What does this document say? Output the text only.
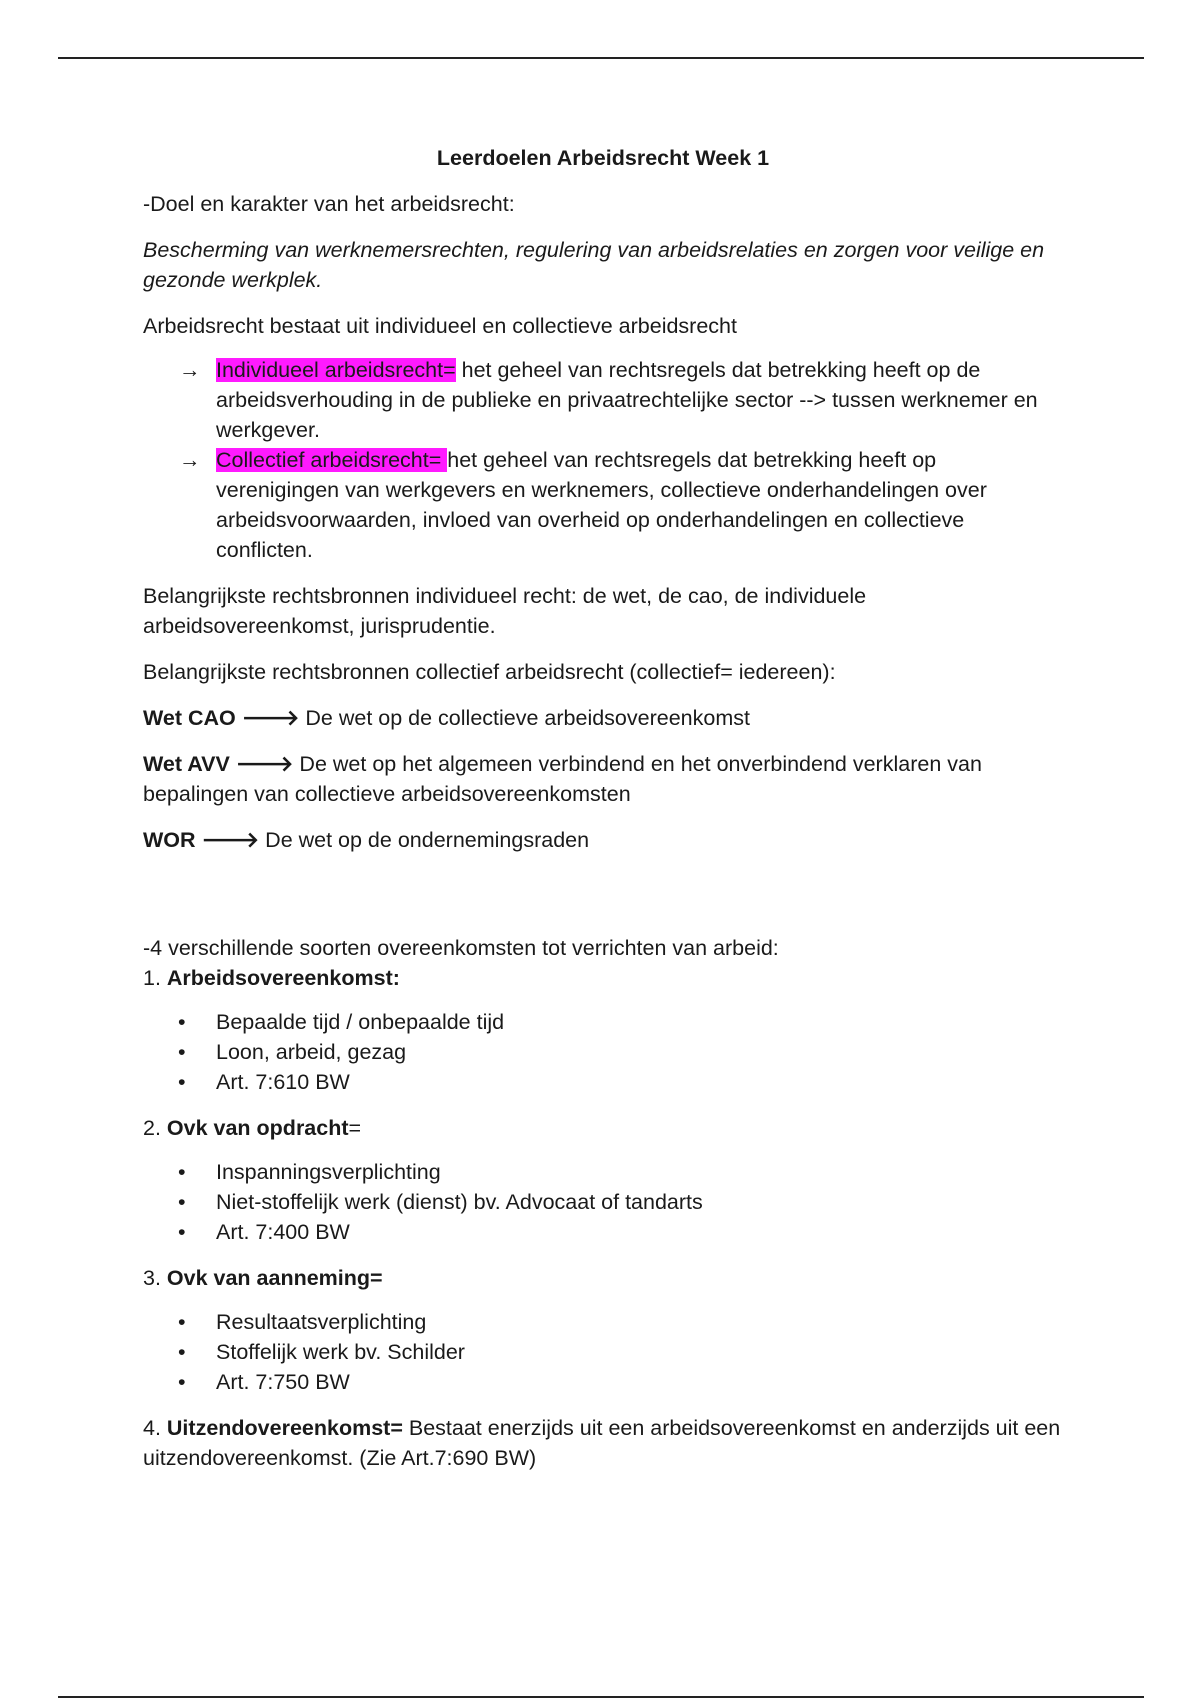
Leerdoelen Arbeidsrecht Week 1

-Doel en karakter van het arbeidsrecht:

Bescherming van werknemersrechten, regulering van arbeidsrelaties en zorgen voor veilige en gezonde werkplek.

Arbeidsrecht bestaat uit individueel en collectieve arbeidsrecht

→ Individueel arbeidsrecht= het geheel van rechtsregels dat betrekking heeft op de arbeidsverhouding in de publieke en privaatrechtelijke sector --> tussen werknemer en werkgever.
→ Collectief arbeidsrecht= het geheel van rechtsregels dat betrekking heeft op verenigingen van werkgevers en werknemers, collectieve onderhandelingen over arbeidsvoorwaarden, invloed van overheid op onderhandelingen en collectieve conflicten.

Belangrijkste rechtsbronnen individueel recht: de wet, de cao, de individuele arbeidsovereenkomst, jurisprudentie.

Belangrijkste rechtsbronnen collectief arbeidsrecht (collectief= iedereen):

Wet CAO 🡒 De wet op de collectieve arbeidsovereenkomst

Wet AVV 🡒 De wet op het algemeen verbindend en het onverbindend verklaren van bepalingen van collectieve arbeidsovereenkomsten

WOR 🡒 De wet op de ondernemingsraden

-4 verschillende soorten overeenkomsten tot verrichten van arbeid:

1. Arbeidsovereenkomst:

• Bepaalde tijd / onbepaalde tijd
• Loon, arbeid, gezag
• Art. 7:610 BW

2. Ovk van opdracht=

• Inspanningsverplichting
• Niet-stoffelijk werk (dienst) bv. Advocaat of tandarts
• Art. 7:400 BW

3. Ovk van aanneming=

• Resultaatsverplichting
• Stoffelijk werk bv. Schilder
• Art. 7:750 BW

4. Uitzendovereenkomst= Bestaat enerzijds uit een arbeidsovereenkomst en anderzijds uit een uitzendovereenkomst. (Zie Art.7:690 BW)
